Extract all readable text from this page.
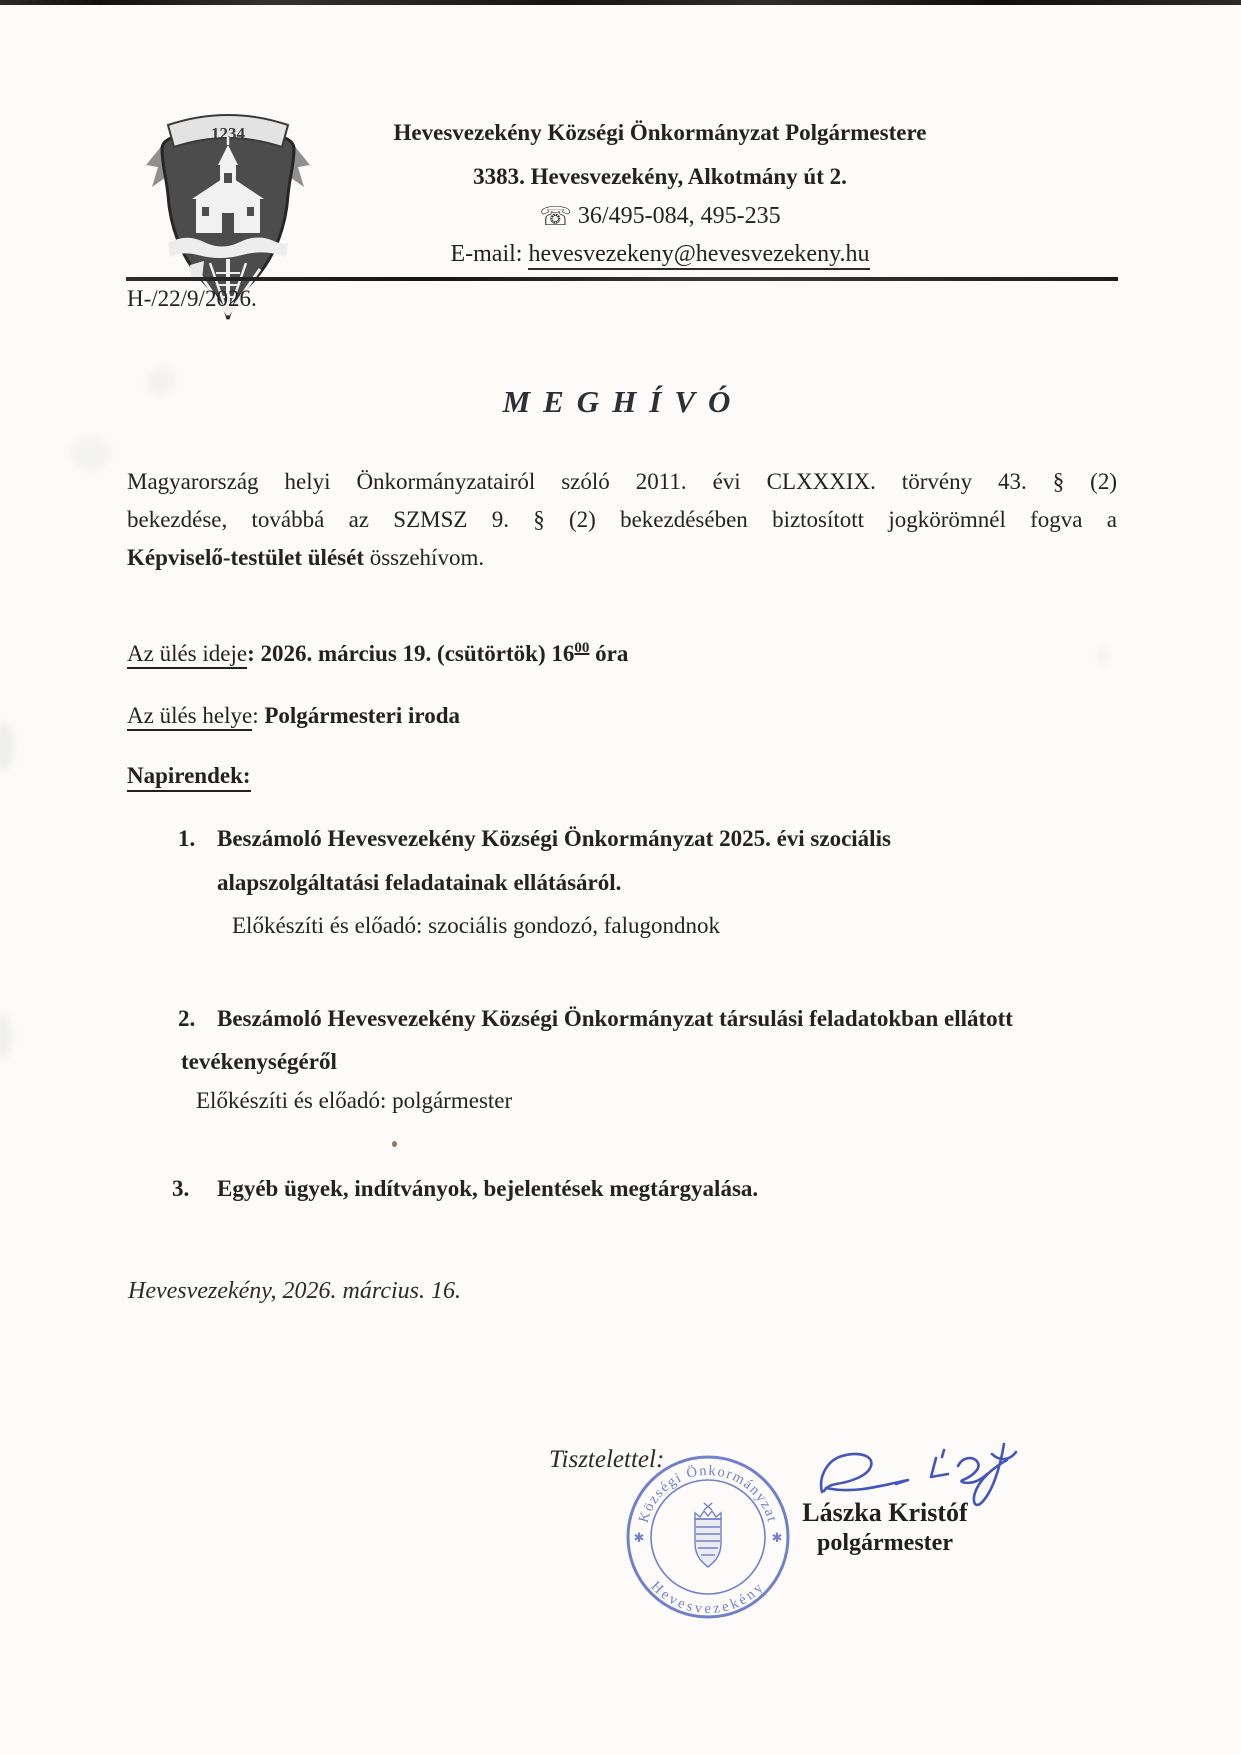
1234	Hevesvezekény Községi Önkormányzat Polgármestere
3383. Hevesvezekény, Alkotmány út 2.
☏ 36/495-084, 495-235
E-mail: hevesvezekeny@hevesvezekeny.hu
H-/22/9/2026.
MEGHÍVÓ
Magyarország helyi Önkormányzatairól szóló 2011. évi CLXXXIX. törvény 43. § (2)
bekezdése, továbbá az SZMSZ 9. § (2) bekezdésében biztosított jogkörömnél fogva a
Képviselő-testület ülését összehívom.
Az ülés ideje: 2026. március 19. (csütörtök) $16^{00}$ óra
Az ülés helye: Polgármesteri iroda
Napirendek:
1. Beszámoló Hevesvezekény Községi Önkormányzat 2025. évi szociális
alapszolgáltatási feladatainak ellátásáról.
Előkészíti és előadó: szociális gondozó, falugondnok
2. Beszámoló Hevesvezekény Községi Önkormányzat társulási feladatokban ellátott
tevékenységéről
Előkészíti és előadó: polgármester
3. Egyéb ügyek, indítványok, bejelentések megtárgyalása.
Hevesvezekény, 2026. március. 16.
Tisztelettel:
Községi Önkormányzat
Hevesvezekény
✱	✱
Lászka Kristóf
polgármester
